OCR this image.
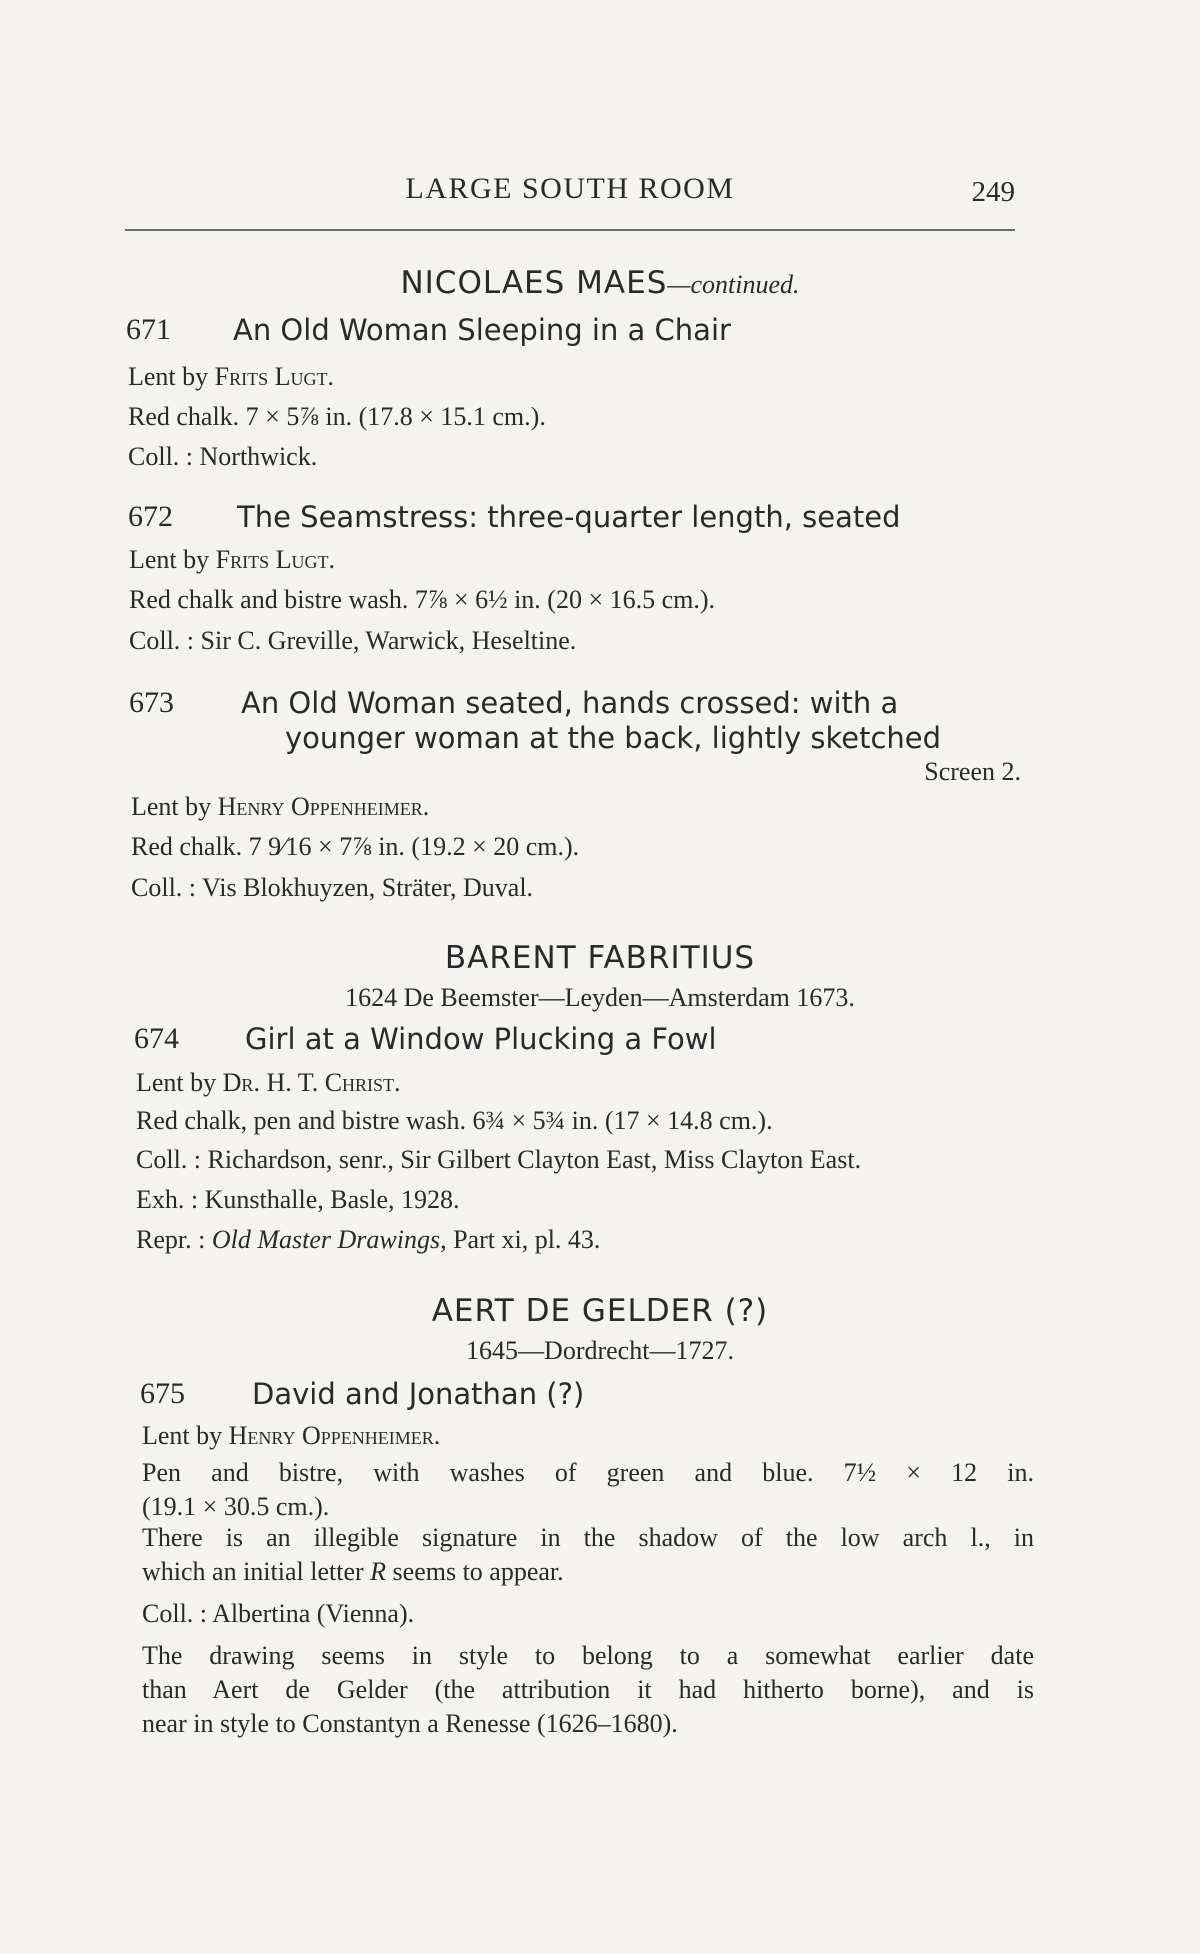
LARGE SOUTH ROOM	249
NICOLAES MAES—continued.
671 An Old Woman Sleeping in a Chair
Lent by Frits Lugt.
Red chalk. 7 × 5⅞ in. (17.8 × 15.1 cm.).
Coll. : Northwick.
672 The Seamstress: three-quarter length, seated
Lent by Frits Lugt.
Red chalk and bistre wash. 7⅞ × 6½ in. (20 × 16.5 cm.).
Coll. : Sir C. Greville, Warwick, Heseltine.
673 An Old Woman seated, hands crossed: with a
younger woman at the back, lightly sketched
Screen 2.
Lent by Henry Oppenheimer.
Red chalk. 7 9⁄16 × 7⅞ in. (19.2 × 20 cm.).
Coll. : Vis Blokhuyzen, Sträter, Duval.
BARENT FABRITIUS
1624 De Beemster—Leyden—Amsterdam 1673.
674 Girl at a Window Plucking a Fowl
Lent by Dr. H. T. Christ.
Red chalk, pen and bistre wash. 6¾ × 5¾ in. (17 × 14.8 cm.).
Coll. : Richardson, senr., Sir Gilbert Clayton East, Miss Clayton East.
Exh. : Kunsthalle, Basle, 1928.
Repr. : Old Master Drawings, Part xi, pl. 43.
AERT DE GELDER (?)
1645—Dordrecht—1727.
675 David and Jonathan (?)
Lent by Henry Oppenheimer.
Pen and bistre, with washes of green and blue. 7½ × 12 in.
(19.1 × 30.5 cm.).
There is an illegible signature in the shadow of the low arch l., in
which an initial letter R seems to appear.
Coll. : Albertina (Vienna).
The drawing seems in style to belong to a somewhat earlier date
than Aert de Gelder (the attribution it had hitherto borne), and is
near in style to Constantyn a Renesse (1626–1680).
